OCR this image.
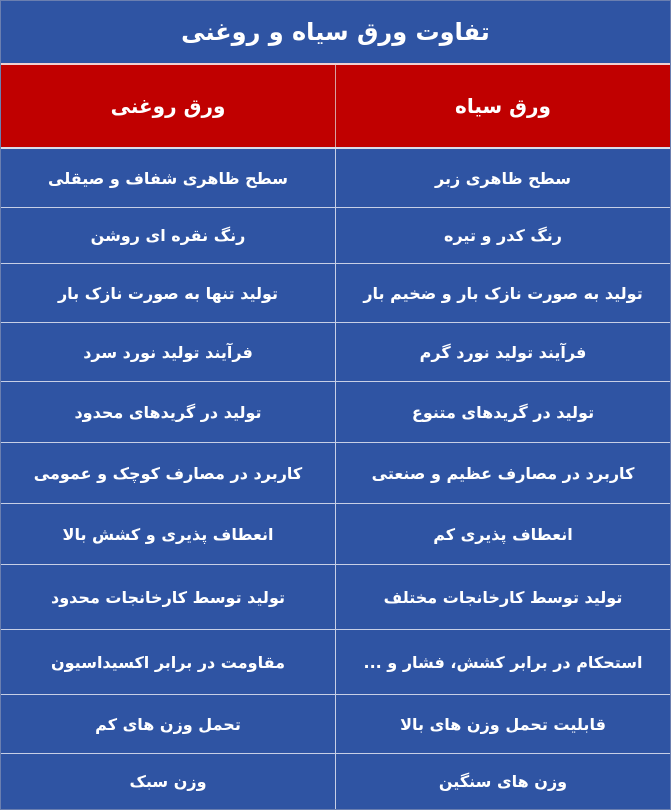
تفاوت ورق سیاه و روغنی
ورق سیاه
ورق روغنی
سطح ظاهری زبر
سطح ظاهری شفاف و صیقلی
رنگ کدر و تیره
رنگ نقره ای روشن
تولید به صورت نازک بار و ضخیم بار
تولید تنها به صورت نازک بار
فرآیند تولید نورد گرم
فرآیند تولید نورد سرد
تولید در گریدهای متنوع
تولید در گریدهای محدود
کاربرد در مصارف عظیم و صنعتی
کاربرد در مصارف کوچک و عمومی
انعطاف پذیری کم
انعطاف پذیری و کشش بالا
تولید توسط کارخانجات مختلف
تولید توسط کارخانجات محدود
استحکام در برابر کشش، فشار و ...
مقاومت در برابر اکسیداسیون
قابلیت تحمل وزن های بالا
تحمل وزن های کم
وزن های سنگین
وزن سبک
